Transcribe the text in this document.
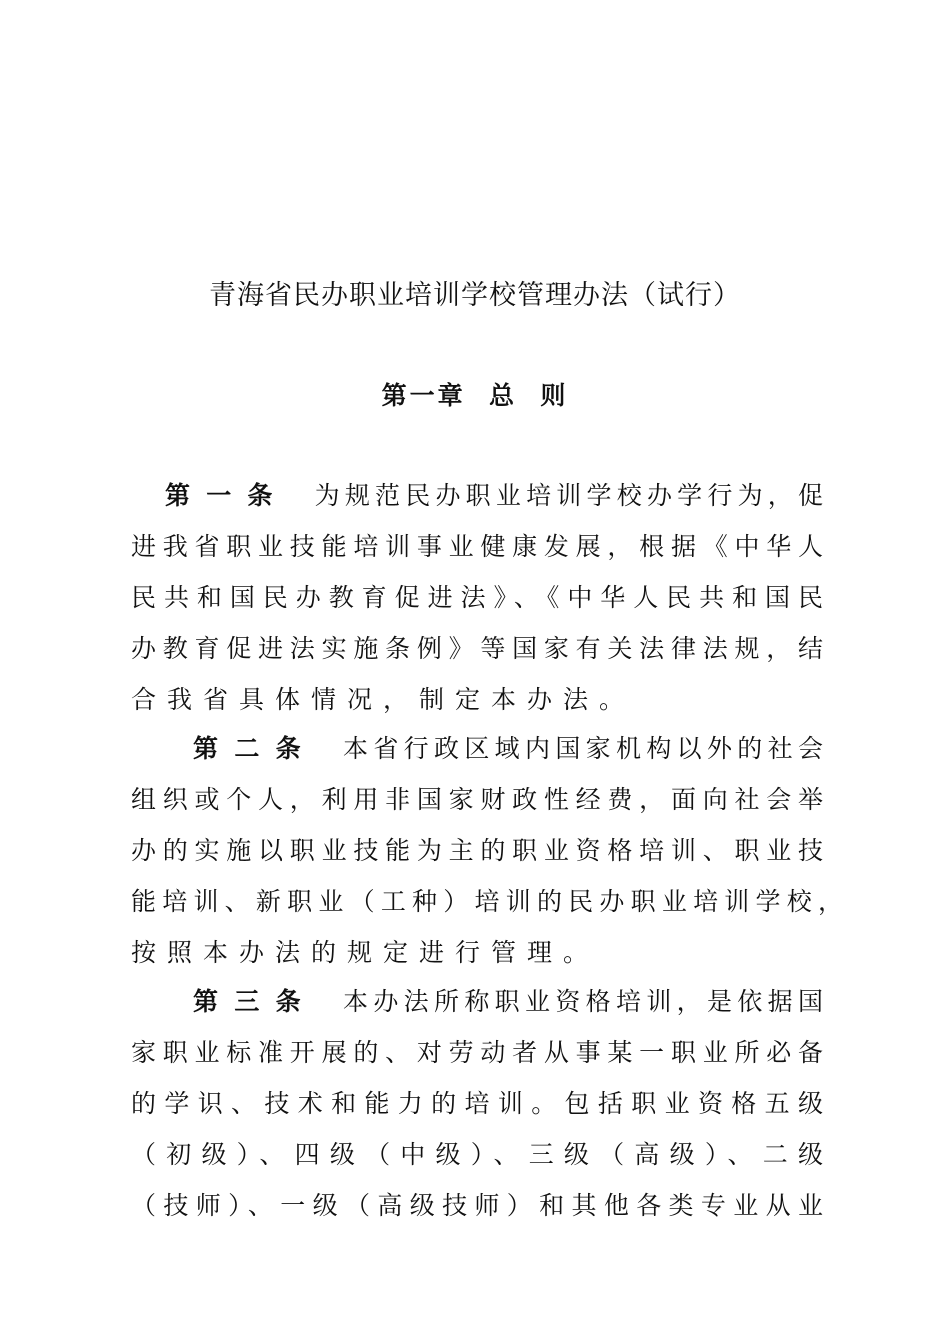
青海省民办职业培训学校管理办法（试行）
第一章  总  则
第一条 为规范民办职业培训学校办学行为，促
进我省职业技能培训事业健康发展，根据《中华人
民共和国民办教育促进法》、《中华人民共和国民
办教育促进法实施条例》等国家有关法律法规，结
合我省具体情况，制定本办法。
第二条 本省行政区域内国家机构以外的社会
组织或个人，利用非国家财政性经费，面向社会举
办的实施以职业技能为主的职业资格培训、职业技
能培训、新职业（工种）培训的民办职业培训学校，
按照本办法的规定进行管理。
第三条 本办法所称职业资格培训，是依据国
家职业标准开展的、对劳动者从事某一职业所必备
的学识、技术和能力的培训。包括职业资格五级
（初级）、四级（中级）、三级（高级）、二级
（技师）、一级（高级技师）和其他各类专业从业
